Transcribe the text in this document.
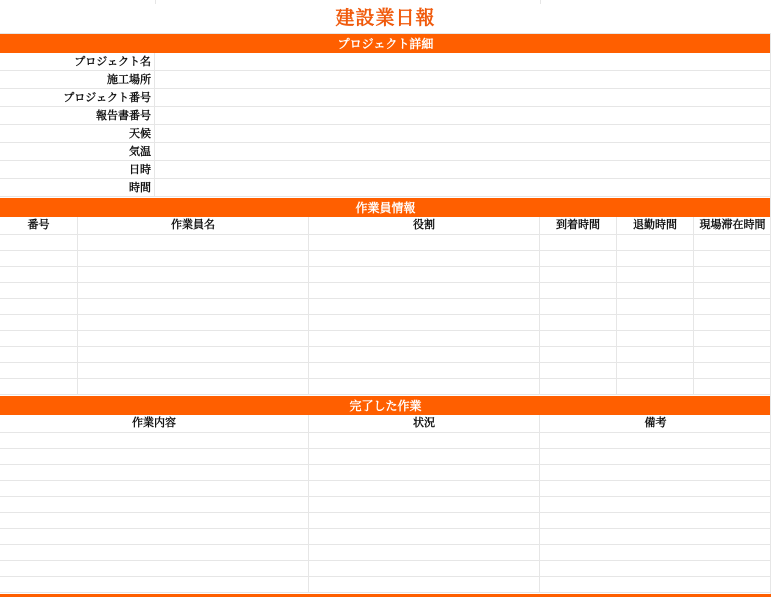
建設業日報
プロジェクト詳細
プロジェクト名
施工場所
プロジェクト番号
報告書番号
天候
気温
日時
時間
作業員情報
番号	作業員名	役割	到着時間	退勤時間	現場滞在時間
完了した作業
作業内容	状況	備考
